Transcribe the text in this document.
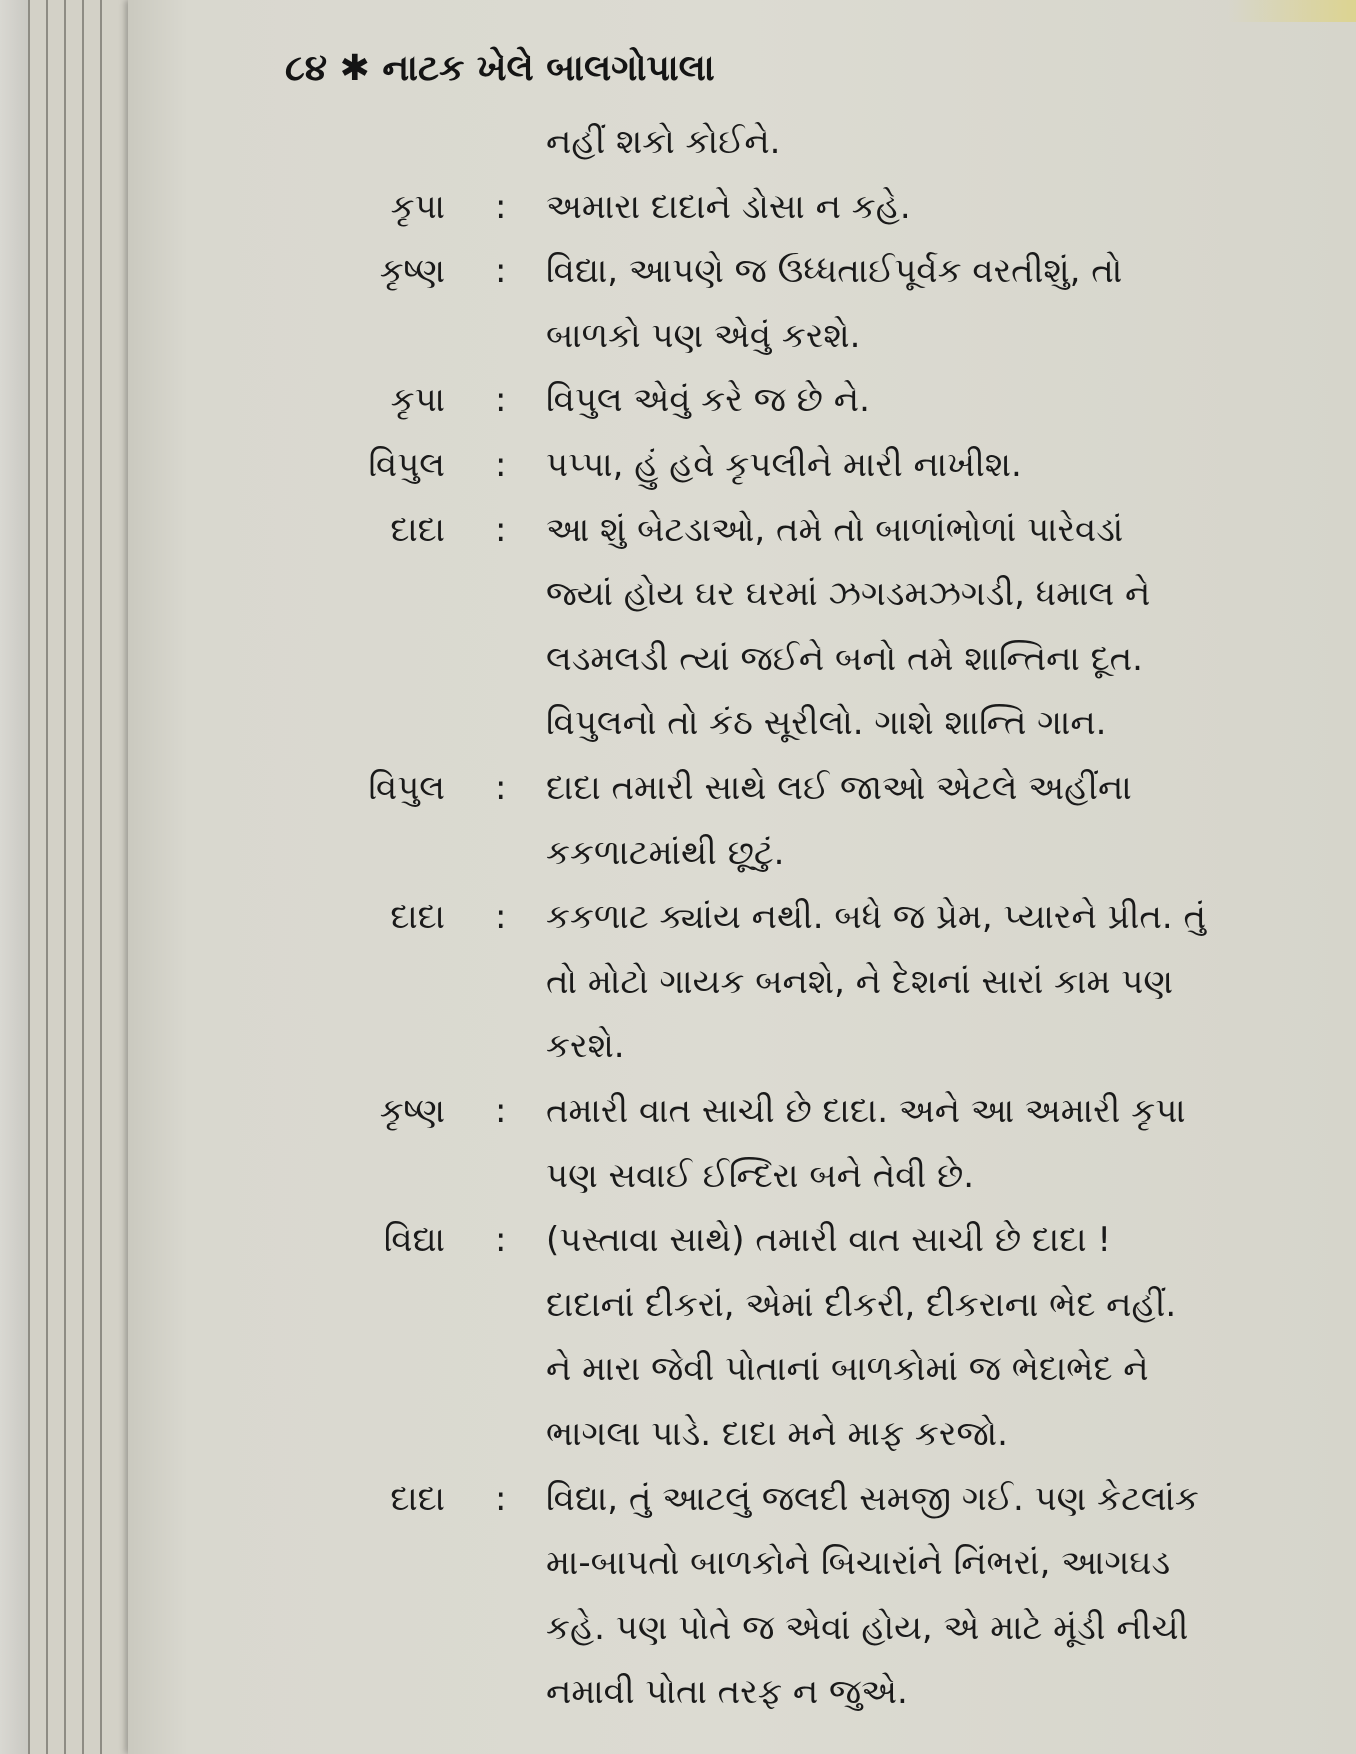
૮૪ ✱ નાટક ખેલે બાલગોપાલા
નહીં શકો કોઈને.
કૃપા : અમારા દાદાને ડોસા ન કહે.
કૃષ્ણ : વિદ્યા, આપણે જ ઉધ્ધતાઈપૂર્વક વરતીશું, તો
બાળકો પણ એવું કરશે.
કૃપા : વિપુલ એવું કરે જ છે ને.
વિપુલ : પપ્પા, હું હવે કૃપલીને મારી નાખીશ.
દાદા : આ શું બેટડાઓ, તમે તો બાળાંભોળાં પારેવડાં
જ્યાં હોય ઘર ઘરમાં ઝગડમઝગડી, ધમાલ ને
લડમલડી ત્યાં જઈને બનો તમે શાન્તિના દૂત.
વિપુલનો તો કંઠ સૂરીલો. ગાશે શાન્તિ ગાન.
વિપુલ : દાદા તમારી સાથે લઈ જાઓ એટલે અહીંના
કકળાટમાંથી છૂટું.
દાદા : કકળાટ ક્યાંય નથી. બધે જ પ્રેમ, પ્યારને પ્રીત. તું
તો મોટો ગાયક બનશે, ને દેશનાં સારાં કામ પણ
કરશે.
કૃષ્ણ : તમારી વાત સાચી છે દાદા. અને આ અમારી કૃપા
પણ સવાઈ ઈન્દિરા બને તેવી છે.
વિદ્યા : (પસ્તાવા સાથે) તમારી વાત સાચી છે દાદા !
દાદાનાં દીકરાં, એમાં દીકરી, દીકરાના ભેદ નહીં.
ને મારા જેવી પોતાનાં બાળકોમાં જ ભેદાભેદ ને
ભાગલા પાડે. દાદા મને માફ કરજો.
દાદા : વિદ્યા, તું આટલું જલદી સમજી ગઈ. પણ કેટલાંક
મા-બાપતો બાળકોને બિચારાંને નિંભરાં, આગઘડ
કહે. પણ પોતે જ એવાં હોય, એ માટે મૂંડી નીચી
નમાવી પોતા તરફ ન જુએ.
